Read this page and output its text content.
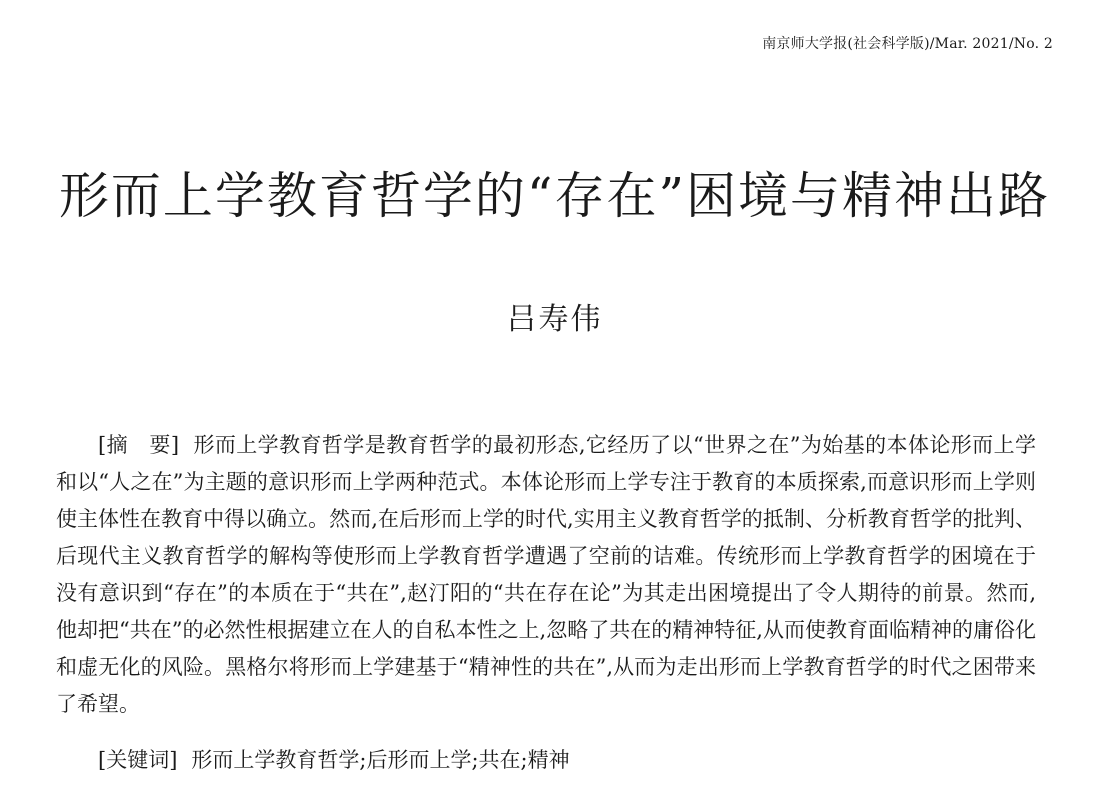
南京师大学报(社会科学版)/Mar. 2021/No. 2
形而上学教育哲学的“存在”困境与精神出路
吕寿伟

[摘　要] 形而上学教育哲学是教育哲学的最初形态,它经历了以“世界之在”为始基的本体论形而上学和以“人之在”为主题的意识形而上学两种范式。本体论形而上学专注于教育的本质探索,而意识形而上学则使主体性在教育中得以确立。然而,在后形而上学的时代,实用主义教育哲学的抵制、分析教育哲学的批判、后现代主义教育哲学的解构等使形而上学教育哲学遭遇了空前的诘难。传统形而上学教育哲学的困境在于没有意识到“存在”的本质在于“共在”,赵汀阳的“共在存在论”为其走出困境提出了令人期待的前景。然而,他却把“共在”的必然性根据建立在人的自私本性之上,忽略了共在的精神特征,从而使教育面临精神的庸俗化和虚无化的风险。黑格尔将形而上学建基于“精神性的共在”,从而为走出形而上学教育哲学的时代之困带来了希望。

[关键词] 形而上学教育哲学;后形而上学;共在;精神
